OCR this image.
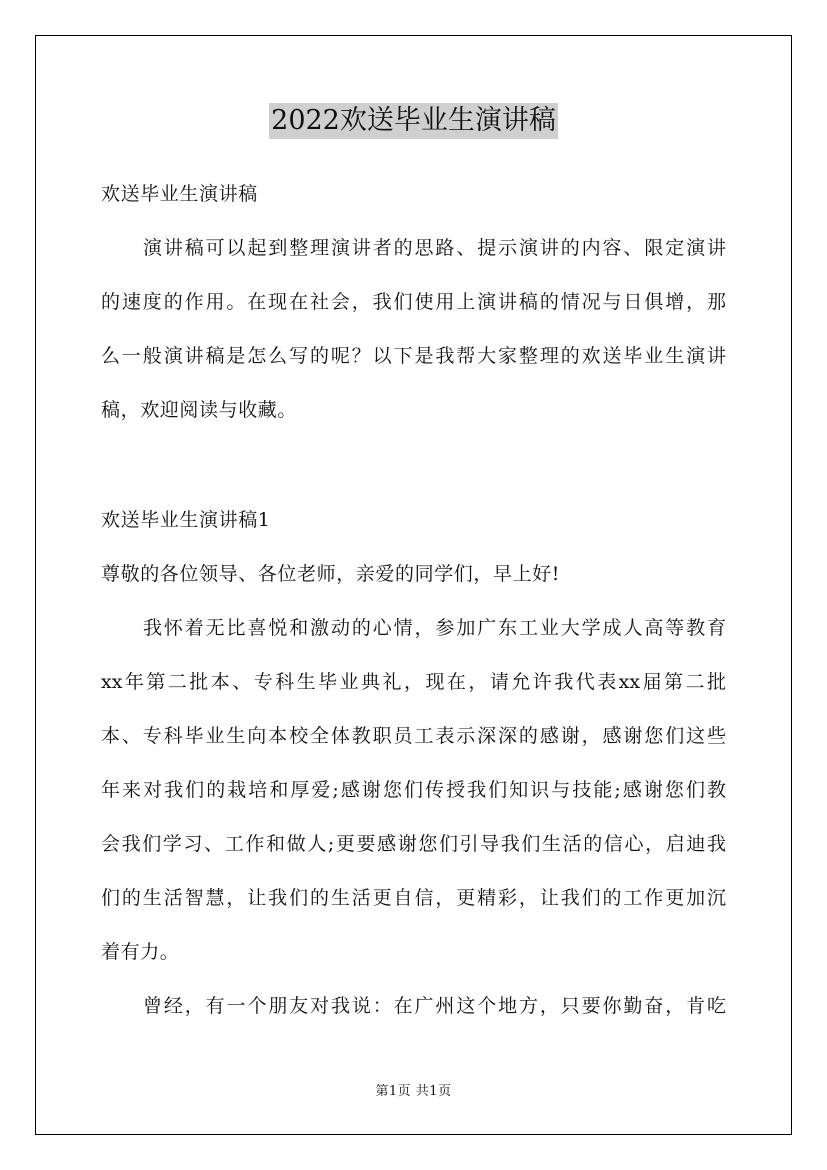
2022欢送毕业生演讲稿
欢送毕业生演讲稿
演讲稿可以起到整理演讲者的思路、提示演讲的内容、限定演讲
的速度的作用。在现在社会，我们使用上演讲稿的情况与日俱增，那
么一般演讲稿是怎么写的呢？以下是我帮大家整理的欢送毕业生演讲
稿，欢迎阅读与收藏。
欢送毕业生演讲稿1
尊敬的各位领导、各位老师，亲爱的同学们，早上好!
我怀着无比喜悦和激动的心情，参加广东工业大学成人高等教育
xx年第二批本、专科生毕业典礼，现在，请允许我代表xx届第二批
本、专科毕业生向本校全体教职员工表示深深的感谢，感谢您们这些
年来对我们的栽培和厚爱;感谢您们传授我们知识与技能;感谢您们教
会我们学习、工作和做人;更要感谢您们引导我们生活的信心，启迪我
们的生活智慧，让我们的生活更自信，更精彩，让我们的工作更加沉
着有力。
曾经，有一个朋友对我说：在广州这个地方，只要你勤奋，肯吃
第1页 共1页
